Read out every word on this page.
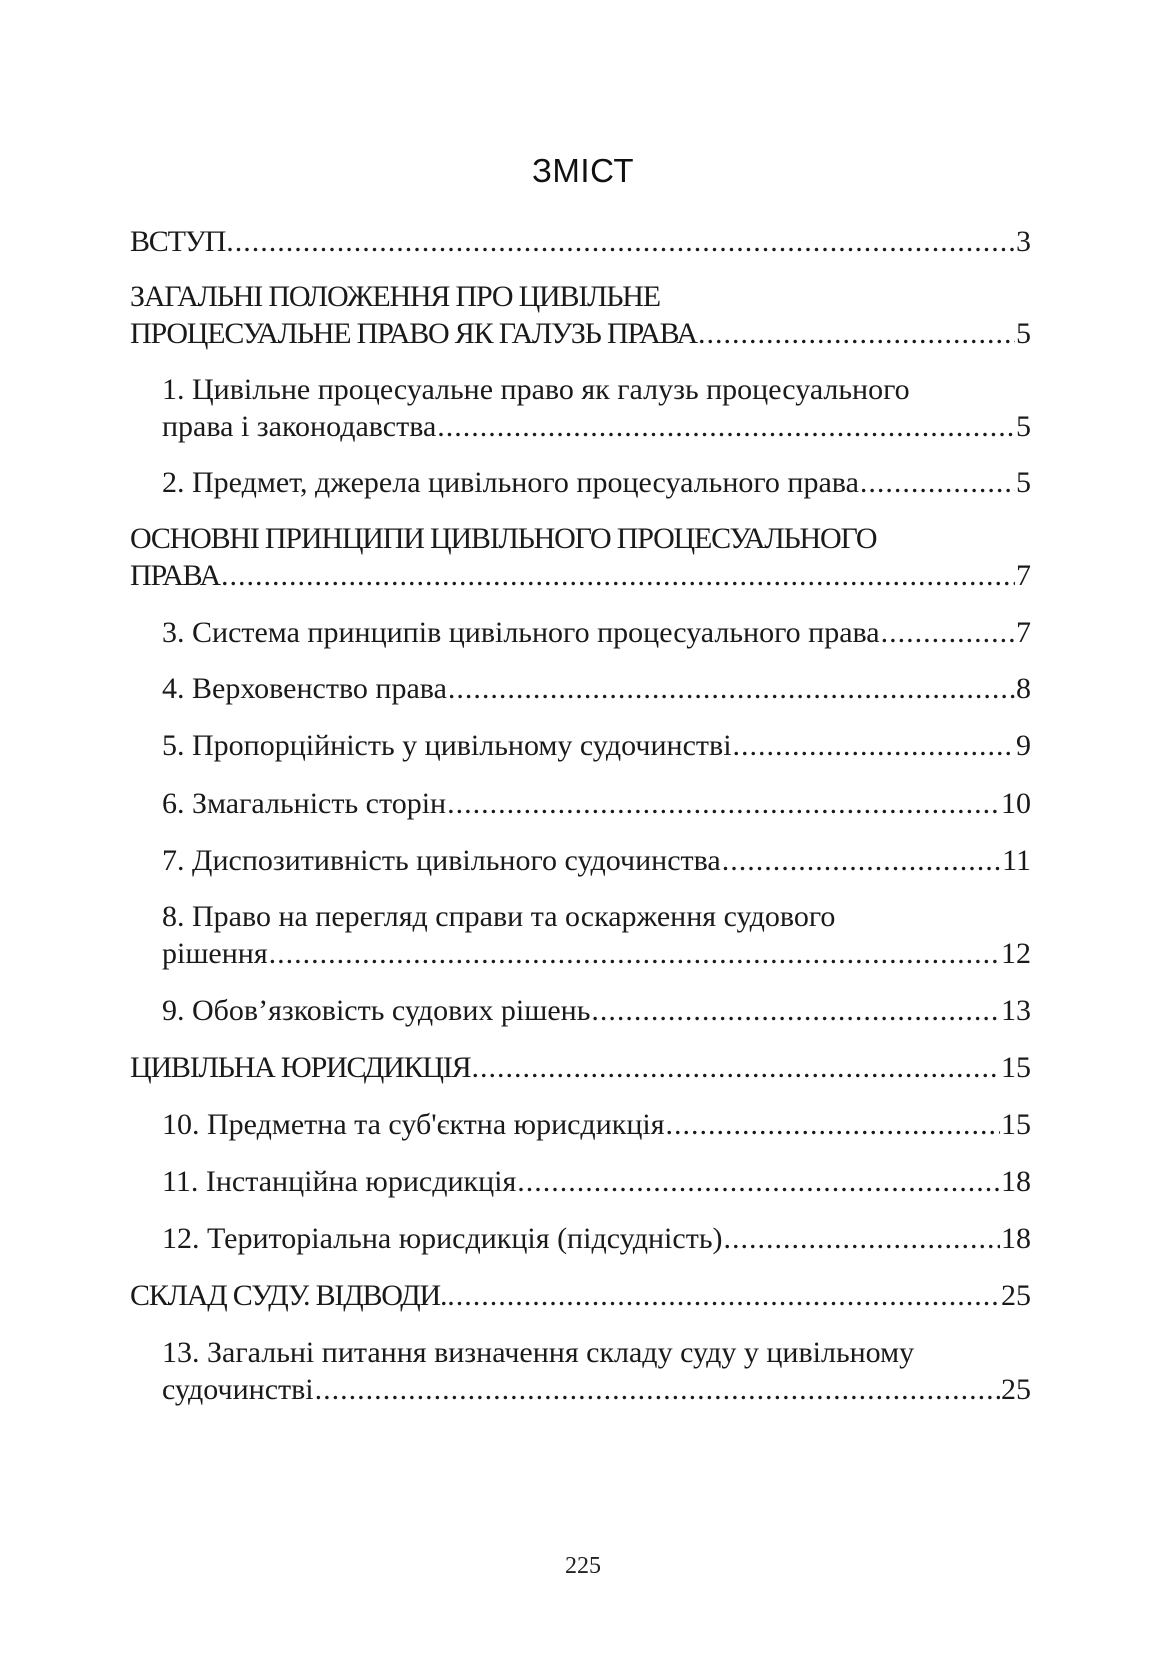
ЗМІСТ
ВСТУП .....	3
ЗАГАЛЬНІ ПОЛОЖЕННЯ ПРО ЦИВІЛЬНЕ
ПРОЦЕСУАЛЬНЕ ПРАВО ЯК ГАЛУЗЬ ПРАВА .....	5
1. Цивільне процесуальне право як галузь процесуального
права і законодавства .....	5
2. Предмет, джерела цивільного процесуального права .....	5
ОСНОВНІ ПРИНЦИПИ ЦИВІЛЬНОГО ПРОЦЕСУАЛЬНОГО
ПРАВА .....	7
3. Система принципів цивільного процесуального права .....	7
4. Верховенство права .....	8
5. Пропорційність у цивільному судочинстві .....	9
6. Змагальність сторін .....	10
7. Диспозитивність цивільного судочинства .....	11
8. Право на перегляд справи та оскарження судового
рішення .....	12
9. Обов’язковість судових рішень .....	13
ЦИВІЛЬНА ЮРИСДИКЦІЯ .....	15
10. Предметна та суб'єктна юрисдикція .....	15
11. Інстанційна юрисдикція .....	18
12. Територіальна юрисдикція (підсудність) .....	18
СКЛАД СУДУ. ВІДВОДИ. .....	25
13. Загальні питання визначення складу суду у цивільному
судочинстві .....	25
225
